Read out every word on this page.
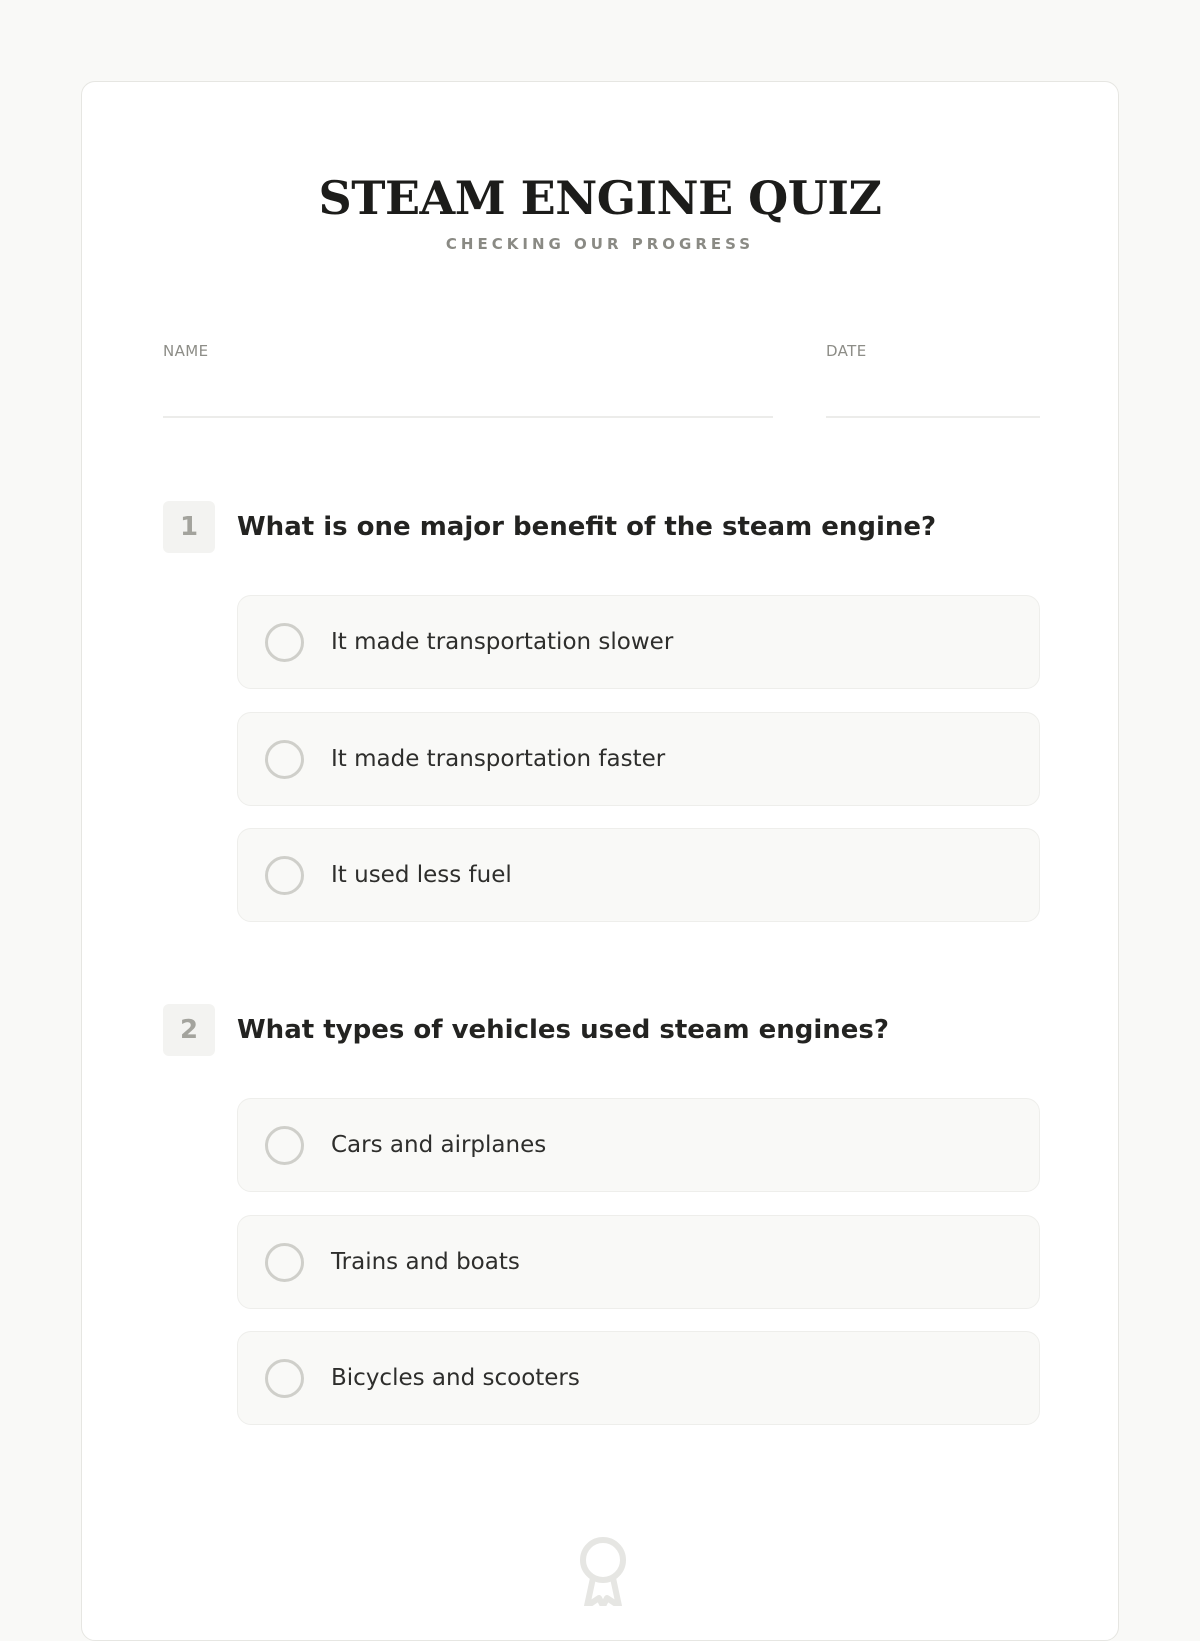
STEAM ENGINE QUIZ
CHECKING OUR PROGRESS
NAME	DATE
1	What is one major benefit of the steam engine?
It made transportation slower
It made transportation faster
It used less fuel
2	What types of vehicles used steam engines?
Cars and airplanes
Trains and boats
Bicycles and scooters
